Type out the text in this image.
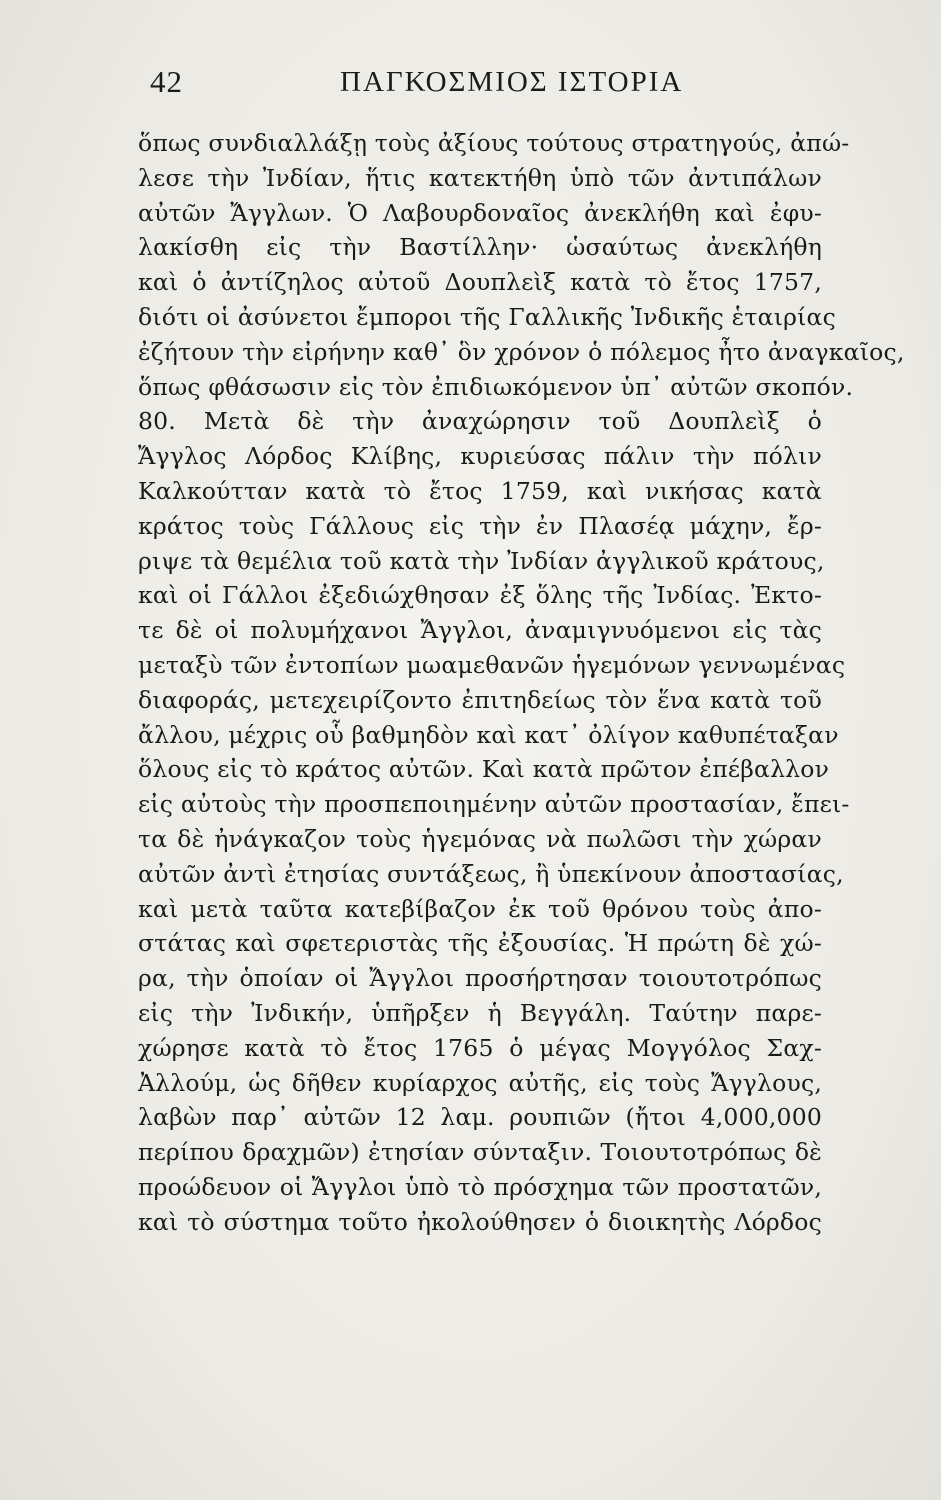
42	ΠΑΓΚΟΣΜΙΟΣ ΙΣΤΟΡΙΑ
ὅπως συνδιαλλάξῃ τοὺς ἀξίους τούτους στρατηγούς, ἀπώ-
λεσε τὴν Ἰνδίαν, ἥτις κατεκτήθη ὑπὸ τῶν ἀντιπάλων
αὐτῶν Ἄγγλων. Ὁ Λαβουρδοναῖος ἀνεκλήθη καὶ ἐφυ-
λακίσθη εἰς τὴν Βαστίλλην· ὡσαύτως ἀνεκλήθη
καὶ ὁ ἀντίζηλος αὐτοῦ Δουπλεὶξ κατὰ τὸ ἔτος 1757,
διότι οἱ ἀσύνετοι ἔμποροι τῆς Γαλλικῆς Ἰνδικῆς ἑταιρίας
ἐζήτουν τὴν εἰρήνην καθ᾽ ὃν χρόνον ὁ πόλεμος ἦτο ἀναγκαῖος,
ὅπως φθάσωσιν εἰς τὸν ἐπιδιωκόμενον ὑπ᾽ αὐτῶν σκοπόν.
80. Μετὰ δὲ τὴν ἀναχώρησιν τοῦ Δουπλεὶξ ὁ
Ἄγγλος Λόρδος Κλίβης, κυριεύσας πάλιν τὴν πόλιν
Καλκούτταν κατὰ τὸ ἔτος 1759, καὶ νικήσας κατὰ
κράτος τοὺς Γάλλους εἰς τὴν ἐν Πλασέᾳ μάχην, ἔρ-
ριψε τὰ θεμέλια τοῦ κατὰ τὴν Ἰνδίαν ἀγγλικοῦ κράτους,
καὶ οἱ Γάλλοι ἐξεδιώχθησαν ἐξ ὅλης τῆς Ἰνδίας. Ἐκτο-
τε δὲ οἱ πολυμήχανοι Ἄγγλοι, ἀναμιγνυόμενοι εἰς τὰς
μεταξὺ τῶν ἐντοπίων μωαμεθανῶν ἡγεμόνων γεννωμένας
διαφοράς, μετεχειρίζοντο ἐπιτηδείως τὸν ἕνα κατὰ τοῦ
ἄλλου, μέχρις οὗ βαθμηδὸν καὶ κατ᾽ ὀλίγον καθυπέταξαν
ὅλους εἰς τὸ κράτος αὐτῶν. Καὶ κατὰ πρῶτον ἐπέβαλλον
εἰς αὐτοὺς τὴν προσπεποιημένην αὐτῶν προστασίαν, ἔπει-
τα δὲ ἠνάγκαζον τοὺς ἡγεμόνας νὰ πωλῶσι τὴν χώραν
αὐτῶν ἀντὶ ἐτησίας συντάξεως, ἢ ὑπεκίνουν ἀποστασίας,
καὶ μετὰ ταῦτα κατεβίβαζον ἐκ τοῦ θρόνου τοὺς ἀπο-
στάτας καὶ σφετεριστὰς τῆς ἐξουσίας. Ἡ πρώτη δὲ χώ-
ρα, τὴν ὁποίαν οἱ Ἄγγλοι προσήρτησαν τοιουτοτρόπως
εἰς τὴν Ἰνδικήν, ὑπῆρξεν ἡ Βεγγάλη. Ταύτην παρε-
χώρησε κατὰ τὸ ἔτος 1765 ὁ μέγας Μογγόλος Σαχ-
Ἀλλούμ, ὡς δῆθεν κυρίαρχος αὐτῆς, εἰς τοὺς Ἄγγλους,
λαβὼν παρ᾽ αὐτῶν 12 λαμ. ρουπιῶν (ἤτοι 4,000,000
περίπου δραχμῶν) ἐτησίαν σύνταξιν. Τοιουτοτρόπως δὲ
προώδευον οἱ Ἄγγλοι ὑπὸ τὸ πρόσχημα τῶν προστατῶν,
καὶ τὸ σύστημα τοῦτο ἠκολούθησεν ὁ διοικητὴς Λόρδος
